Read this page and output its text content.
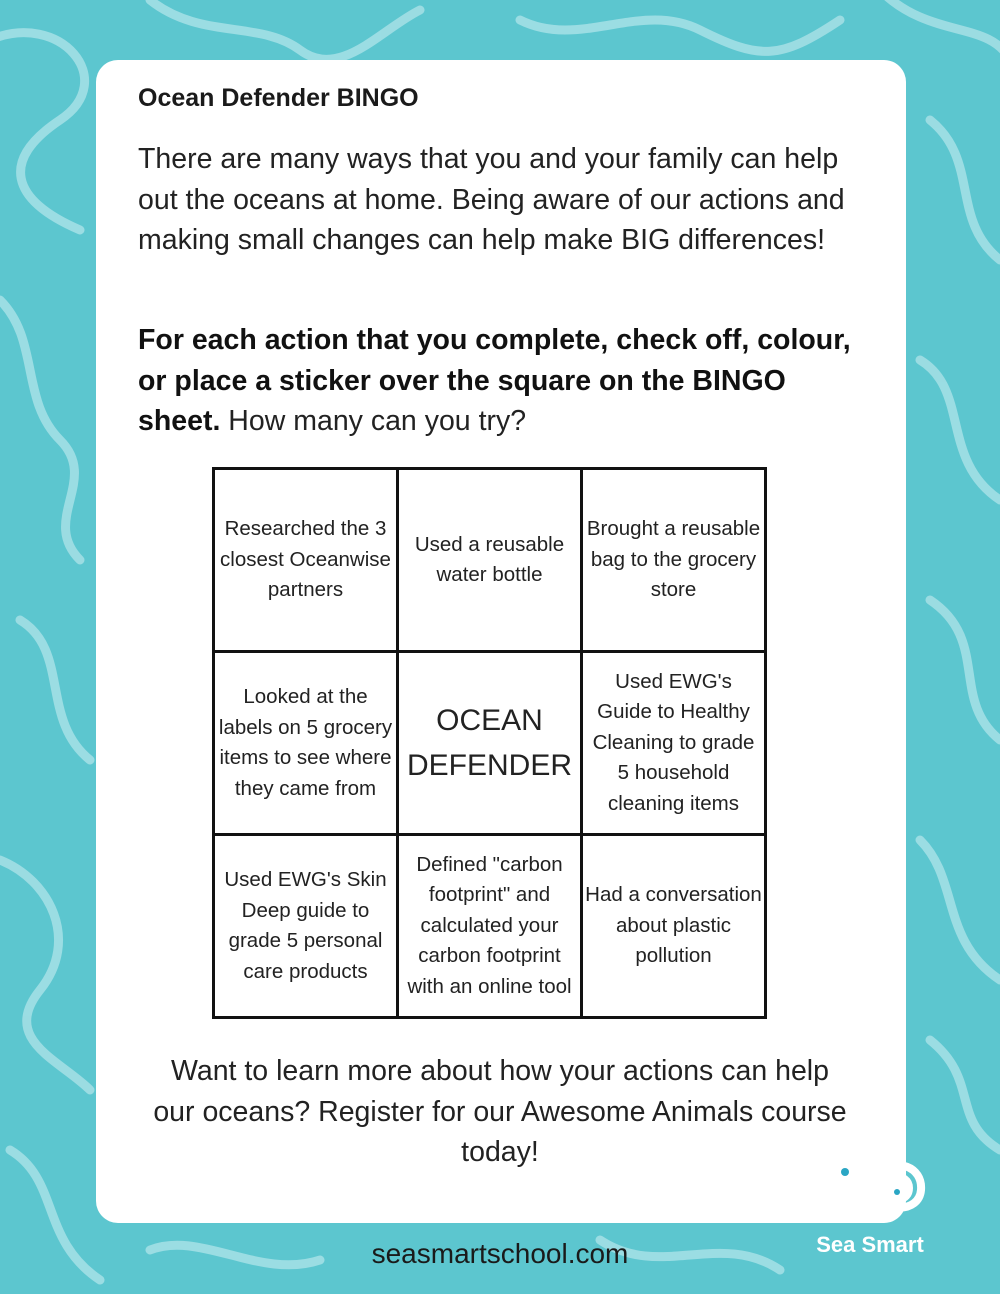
Ocean Defender BINGO

There are many ways that you and your family can help out the oceans at home. Being aware of our actions and making small changes can help make BIG differences!

For each action that you complete, check off, colour, or place a sticker over the square on the BINGO sheet. How many can you try?

Researched the 3 closest Oceanwise partners	Used a reusable water bottle	Brought a reusable bag to the grocery store
Looked at the labels on 5 grocery items to see where they came from	OCEAN DEFENDER	Used EWG's Guide to Healthy Cleaning to grade 5 household cleaning items
Used EWG's Skin Deep guide to grade 5 personal care products	Defined "carbon footprint" and calculated your carbon footprint with an online tool	Had a conversation about plastic pollution

Want to learn more about how your actions can help our oceans? Register for our Awesome Animals course today!

Sea Smart
seasmartschool.com
